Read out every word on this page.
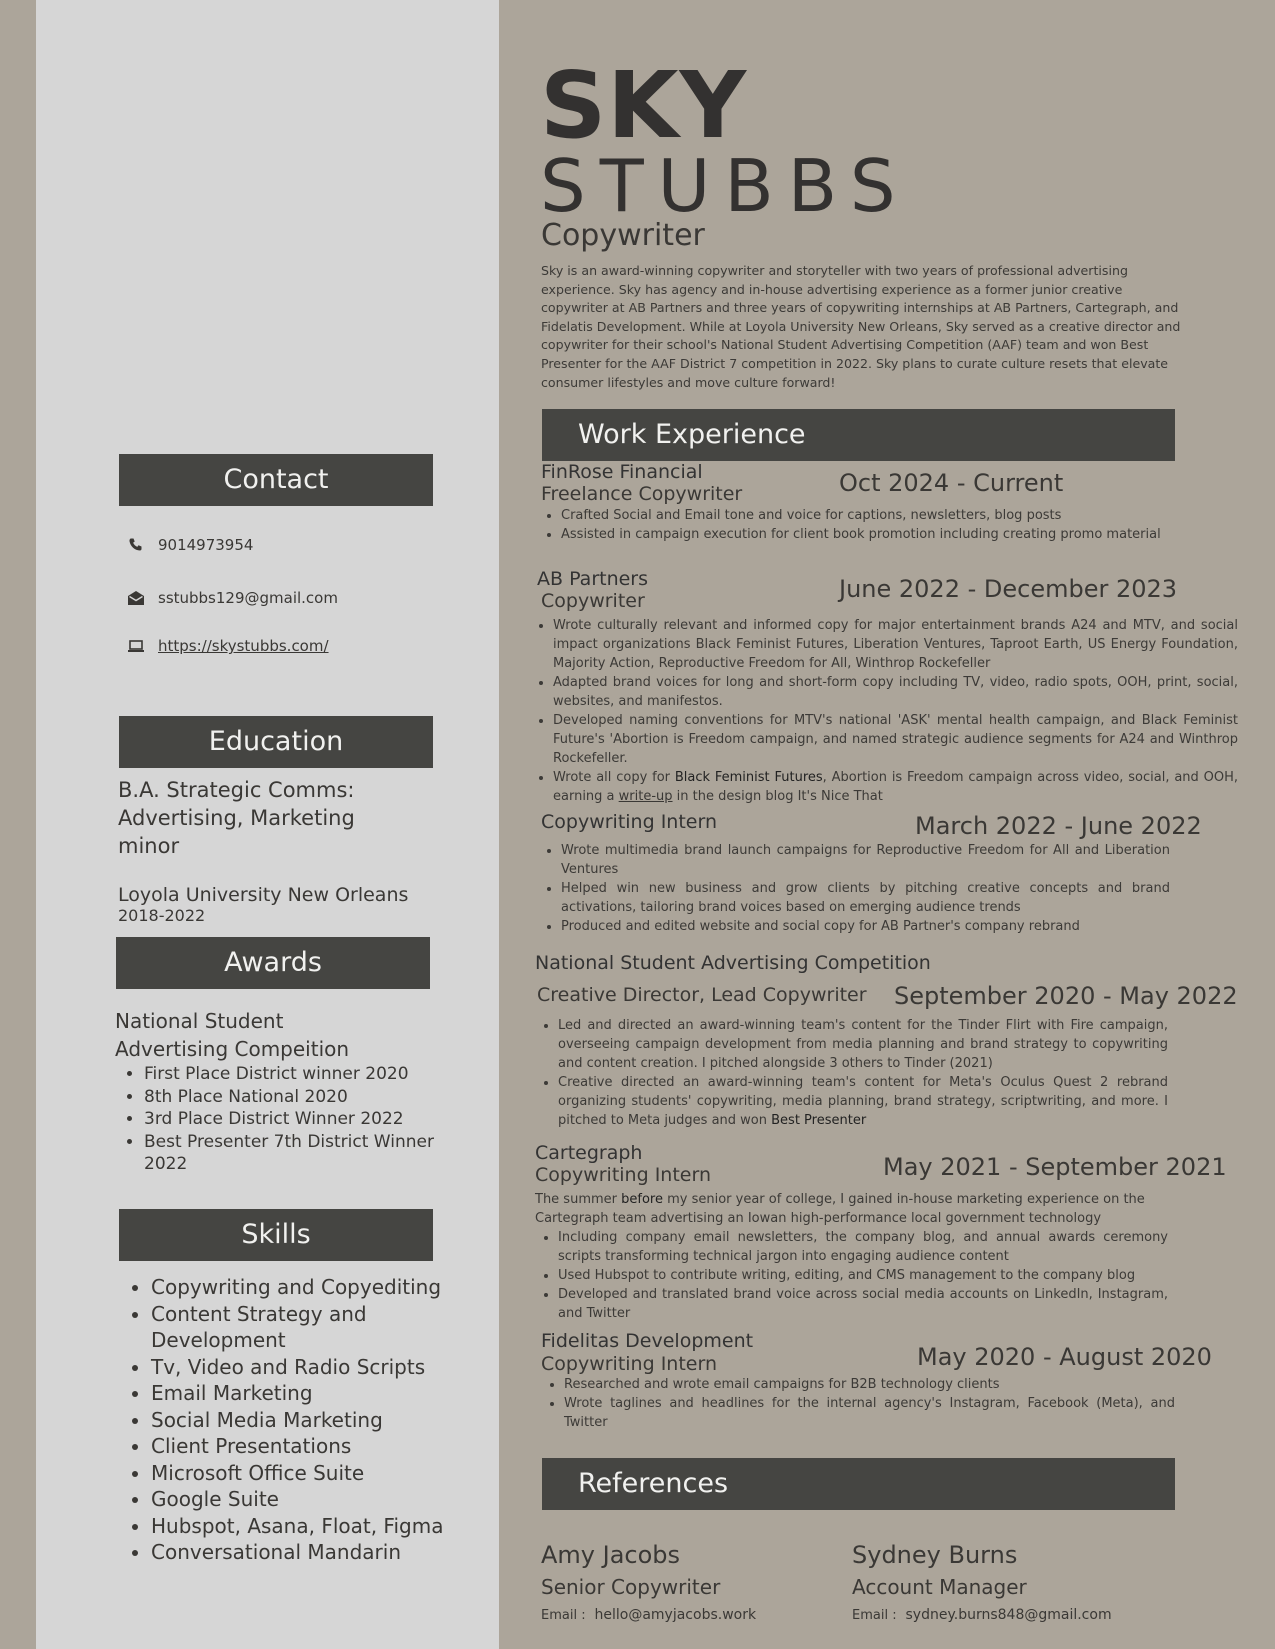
Contact
9014973954
sstubbs129@gmail.com
https://skystubbs.com/
Education
B.A. Strategic Comms:
Advertising, Marketing
minor
Loyola University New Orleans
2018-2022
Awards
National Student
Advertising Compeition
• First Place District winner 2020
• 8th Place National 2020
• 3rd Place District Winner 2022
• Best Presenter 7th District Winner 2022
Skills
• Copywriting and Copyediting
• Content Strategy and Development
• Tv, Video and Radio Scripts
• Email Marketing
• Social Media Marketing
• Client Presentations
• Microsoft Office Suite
• Google Suite
• Hubspot, Asana, Float, Figma
• Conversational Mandarin
SKY
STUBBS
Copywriter
Sky is an award-winning copywriter and storyteller with two years of professional advertising experience. Sky has agency and in-house advertising experience as a former junior creative copywriter at AB Partners and three years of copywriting internships at AB Partners, Cartegraph, and Fidelatis Development. While at Loyola University New Orleans, Sky served as a creative director and copywriter for their school's National Student Advertising Competition (AAF) team and won Best Presenter for the AAF District 7 competition in 2022. Sky plans to curate culture resets that elevate consumer lifestyles and move culture forward!
Work Experience
FinRose Financial
Freelance Copywriter	Oct 2024 - Current
• Crafted Social and Email tone and voice for captions, newsletters, blog posts
• Assisted in campaign execution for client book promotion including creating promo material
AB Partners
Copywriter	June 2022 - December 2023
• Wrote culturally relevant and informed copy for major entertainment brands A24 and MTV, and social impact organizations Black Feminist Futures, Liberation Ventures, Taproot Earth, US Energy Foundation, Majority Action, Reproductive Freedom for All, Winthrop Rockefeller
• Adapted brand voices for long and short-form copy including TV, video, radio spots, OOH, print, social, websites, and manifestos.
• Developed naming conventions for MTV's national 'ASK' mental health campaign, and Black Feminist Future's 'Abortion is Freedom campaign, and named strategic audience segments for A24 and Winthrop Rockefeller.
• Wrote all copy for Black Feminist Futures, Abortion is Freedom campaign across video, social, and OOH, earning a write-up in the design blog It's Nice That
Copywriting Intern	March 2022 - June 2022
• Wrote multimedia brand launch campaigns for Reproductive Freedom for All and Liberation Ventures
• Helped win new business and grow clients by pitching creative concepts and brand activations, tailoring brand voices based on emerging audience trends
• Produced and edited website and social copy for AB Partner's company rebrand
National Student Advertising Competition
Creative Director, Lead Copywriter September 2020 - May 2022
• Led and directed an award-winning team's content for the Tinder Flirt with Fire campaign, overseeing campaign development from media planning and brand strategy to copywriting and content creation. I pitched alongside 3 others to Tinder (2021)
• Creative directed an award-winning team's content for Meta's Oculus Quest 2 rebrand organizing students' copywriting, media planning, brand strategy, scriptwriting, and more. I pitched to Meta judges and won Best Presenter
Cartegraph
Copywriting Intern	May 2021 - September 2021
The summer before my senior year of college, I gained in-house marketing experience on the Cartegraph team advertising an Iowan high-performance local government technology
• Including company email newsletters, the company blog, and annual awards ceremony scripts transforming technical jargon into engaging audience content
• Used Hubspot to contribute writing, editing, and CMS management to the company blog
• Developed and translated brand voice across social media accounts on LinkedIn, Instagram, and Twitter
Fidelitas Development
Copywriting Intern	May 2020 - August 2020
• Researched and wrote email campaigns for B2B technology clients
• Wrote taglines and headlines for the internal agency's Instagram, Facebook (Meta), and Twitter
References
Amy Jacobs
Senior Copywriter
Email : hello@amyjacobs.work
Sydney Burns
Account Manager
Email : sydney.burns848@gmail.com
